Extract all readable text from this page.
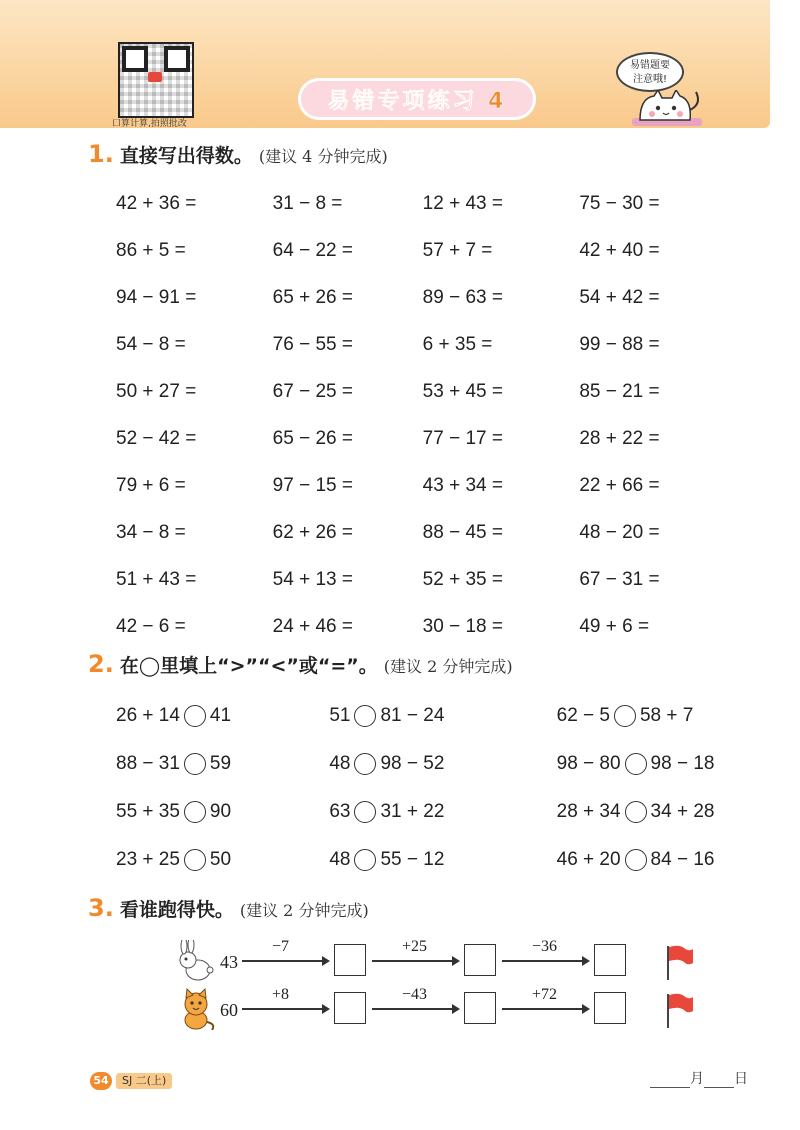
口算计算,拍照批改
易错专项练习 4
易错题要
注意哦!
1. 直接写出得数。 (建议 4 分钟完成)
42 + 36 =	31 − 8 =	12 + 43 =	75 − 30 =
86 + 5 =	64 − 22 =	57 + 7 =	42 + 40 =
94 − 91 =	65 + 26 =	89 − 63 =	54 + 42 =
54 − 8 =	76 − 55 =	6 + 35 =	99 − 88 =
50 + 27 =	67 − 25 =	53 + 45 =	85 − 21 =
52 − 42 =	65 − 26 =	77 − 17 =	28 + 22 =
79 + 6 =	97 − 15 =	43 + 34 =	22 + 66 =
34 − 8 =	62 + 26 =	88 − 45 =	48 − 20 =
51 + 43 =	54 + 13 =	52 + 35 =	67 − 31 =
42 − 6 =	24 + 46 =	30 − 18 =	49 + 6 =
2. 在◯里填上“>”“<”或“=”。 (建议 2 分钟完成)
26 + 14 41	51 81 − 24	62 − 5 58 + 7
88 − 31 59	48 98 − 52	98 − 80 98 − 18
55 + 35 90	63 31 + 22	28 + 34 34 + 28
23 + 25 50	48 55 − 12	46 + 20 84 − 16
3. 看谁跑得快。 (建议 2 分钟完成)
43
−7	+25	−36
60
+8	−43	+72
54	SJ 二(上)	月 日
